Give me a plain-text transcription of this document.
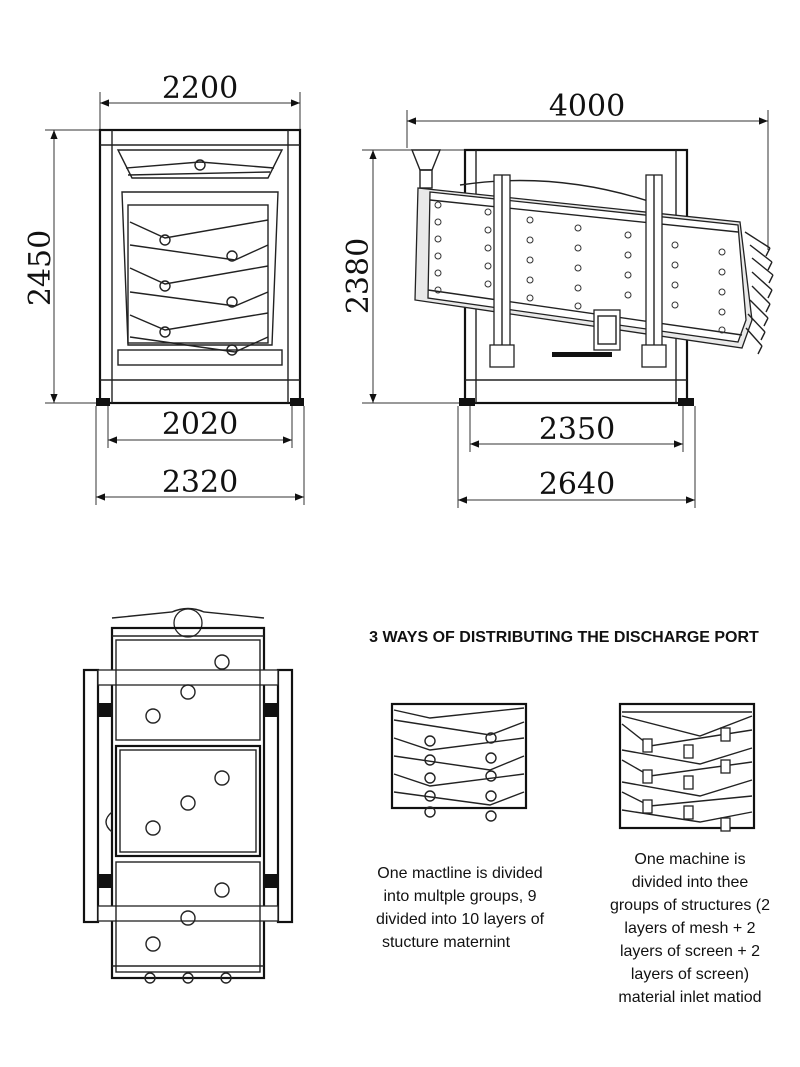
2200
2450
2020
2320
4000
2380
2350
2640
3 WAYS OF DISTRIBUTING THE DISCHARGE PORT
One mactline is divided
into multple groups, 9
divided into 10 layers of
stucture maternint
One machine is
divided into thee
groups of structures (2
layers of mesh + 2
layers of screen + 2
layers of screen)
material inlet matiod
